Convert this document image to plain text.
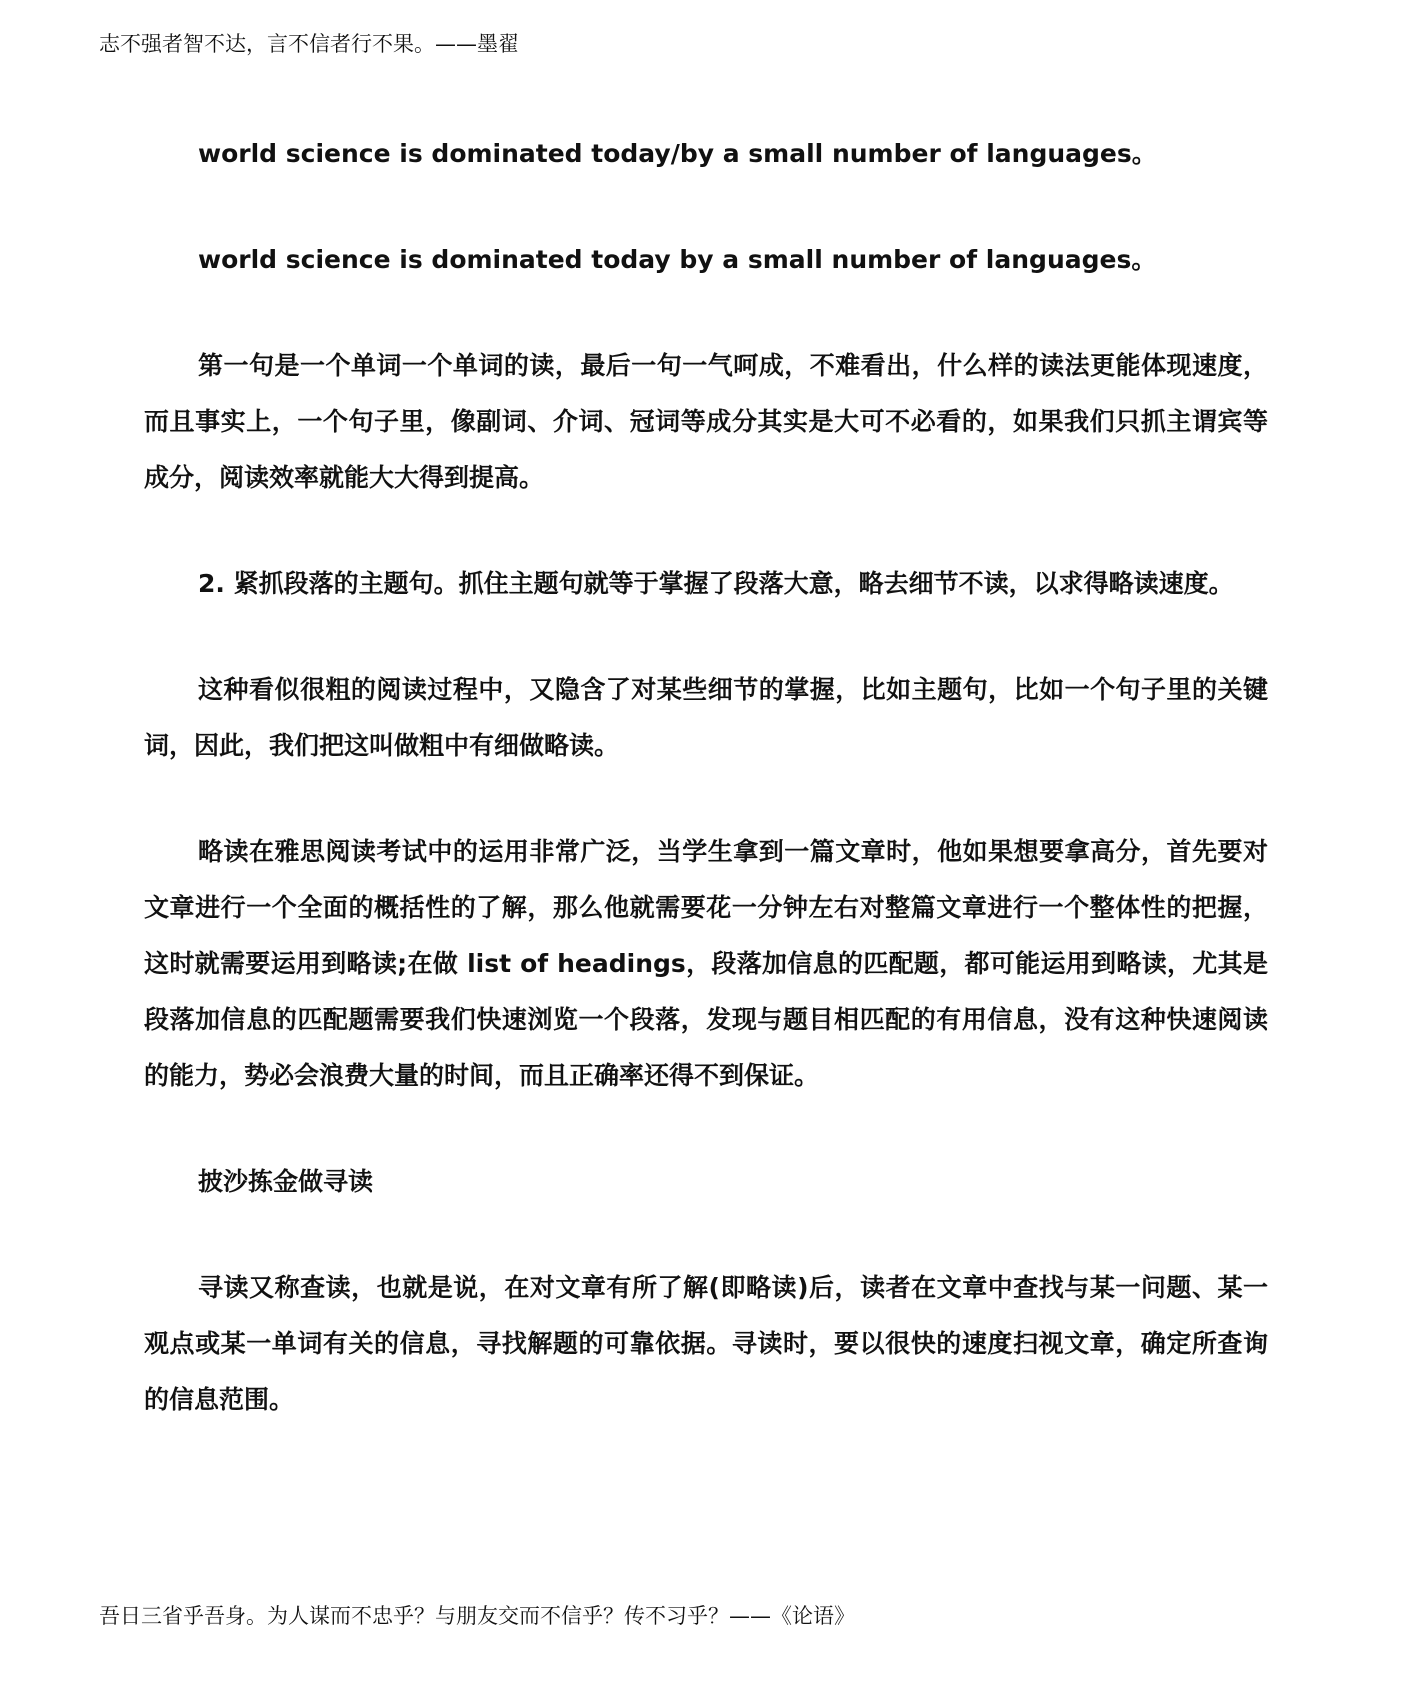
志不强者智不达，言不信者行不果。——墨翟

world science is dominated today/by a small number of languages。

world science is dominated today by a small number of languages。

第一句是一个单词一个单词的读，最后一句一气呵成，不难看出，什么样的读法更能体现速度，而且事实上，一个句子里，像副词、介词、冠词等成分其实是大可不必看的，如果我们只抓主谓宾等成分，阅读效率就能大大得到提高。

2. 紧抓段落的主题句。抓住主题句就等于掌握了段落大意，略去细节不读，以求得略读速度。

这种看似很粗的阅读过程中，又隐含了对某些细节的掌握，比如主题句，比如一个句子里的关键词，因此，我们把这叫做粗中有细做略读。

略读在雅思阅读考试中的运用非常广泛，当学生拿到一篇文章时，他如果想要拿高分，首先要对文章进行一个全面的概括性的了解，那么他就需要花一分钟左右对整篇文章进行一个整体性的把握，这时就需要运用到略读;在做 list of headings，段落加信息的匹配题，都可能运用到略读，尤其是段落加信息的匹配题需要我们快速浏览一个段落，发现与题目相匹配的有用信息，没有这种快速阅读的能力，势必会浪费大量的时间，而且正确率还得不到保证。

披沙拣金做寻读

寻读又称查读，也就是说，在对文章有所了解(即略读)后，读者在文章中查找与某一问题、某一观点或某一单词有关的信息，寻找解题的可靠依据。寻读时，要以很快的速度扫视文章，确定所查询的信息范围。

吾日三省乎吾身。为人谋而不忠乎？与朋友交而不信乎？传不习乎？——《论语》
